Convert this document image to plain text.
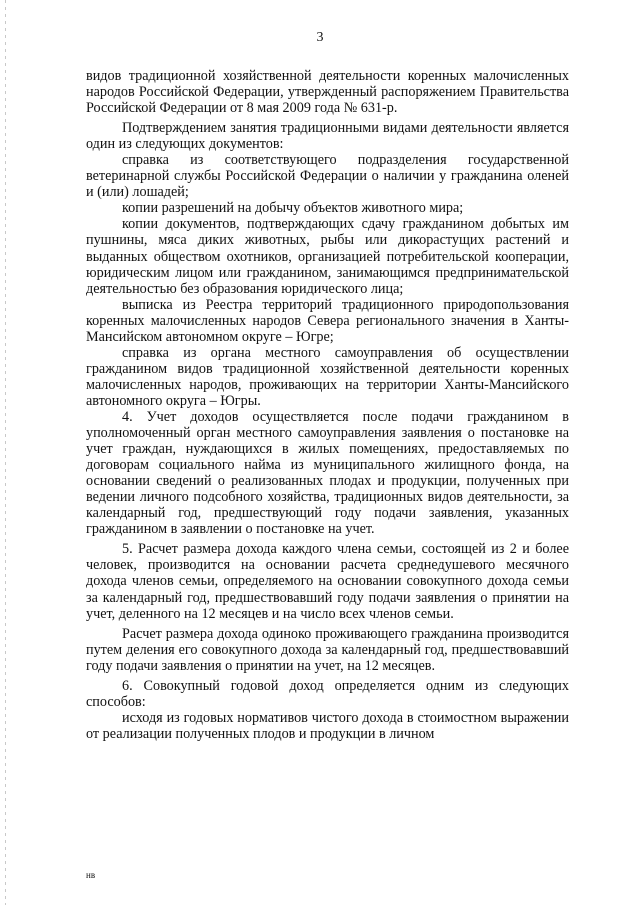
3

видов традиционной хозяйственной деятельности коренных малочисленных народов Российской Федерации, утвержденный распоряжением Правительства Российской Федерации от 8 мая 2009 года № 631-р.

Подтверждением занятия традиционными видами деятельности является один из следующих документов:

справка из соответствующего подразделения государственной ветеринарной службы Российской Федерации о наличии у гражданина оленей и (или) лошадей;

копии разрешений на добычу объектов животного мира;

копии документов, подтверждающих сдачу гражданином добытых им пушнины, мяса диких животных, рыбы или дикорастущих растений и выданных обществом охотников, организацией потребительской кооперации, юридическим лицом или гражданином, занимающимся предпринимательской деятельностью без образования юридического лица;

выписка из Реестра территорий традиционного природопользования коренных малочисленных народов Севера регионального значения в Ханты-Мансийском автономном округе – Югре;

справка из органа местного самоуправления об осуществлении гражданином видов традиционной хозяйственной деятельности коренных малочисленных народов, проживающих на территории Ханты-Мансийского автономного округа – Югры.

4. Учет доходов осуществляется после подачи гражданином в уполномоченный орган местного самоуправления заявления о постановке на учет граждан, нуждающихся в жилых помещениях, предоставляемых по договорам социального найма из муниципального жилищного фонда, на основании сведений о реализованных плодах и продукции, полученных при ведении личного подсобного хозяйства, традиционных видов деятельности, за календарный год, предшествующий году подачи заявления, указанных гражданином в заявлении о постановке на учет.

5. Расчет размера дохода каждого члена семьи, состоящей из 2 и более человек, производится на основании расчета среднедушевого месячного дохода членов семьи, определяемого на основании совокупного дохода семьи за календарный год, предшествовавший году подачи заявления о принятии на учет, деленного на 12 месяцев и на число всех членов семьи.

Расчет размера дохода одиноко проживающего гражданина производится путем деления его совокупного дохода за календарный год, предшествовавший году подачи заявления о принятии на учет, на 12 месяцев.

6. Совокупный годовой доход определяется одним из следующих способов:

исходя из годовых нормативов чистого дохода в стоимостном выражении от реализации полученных плодов и продукции в личном

нв
